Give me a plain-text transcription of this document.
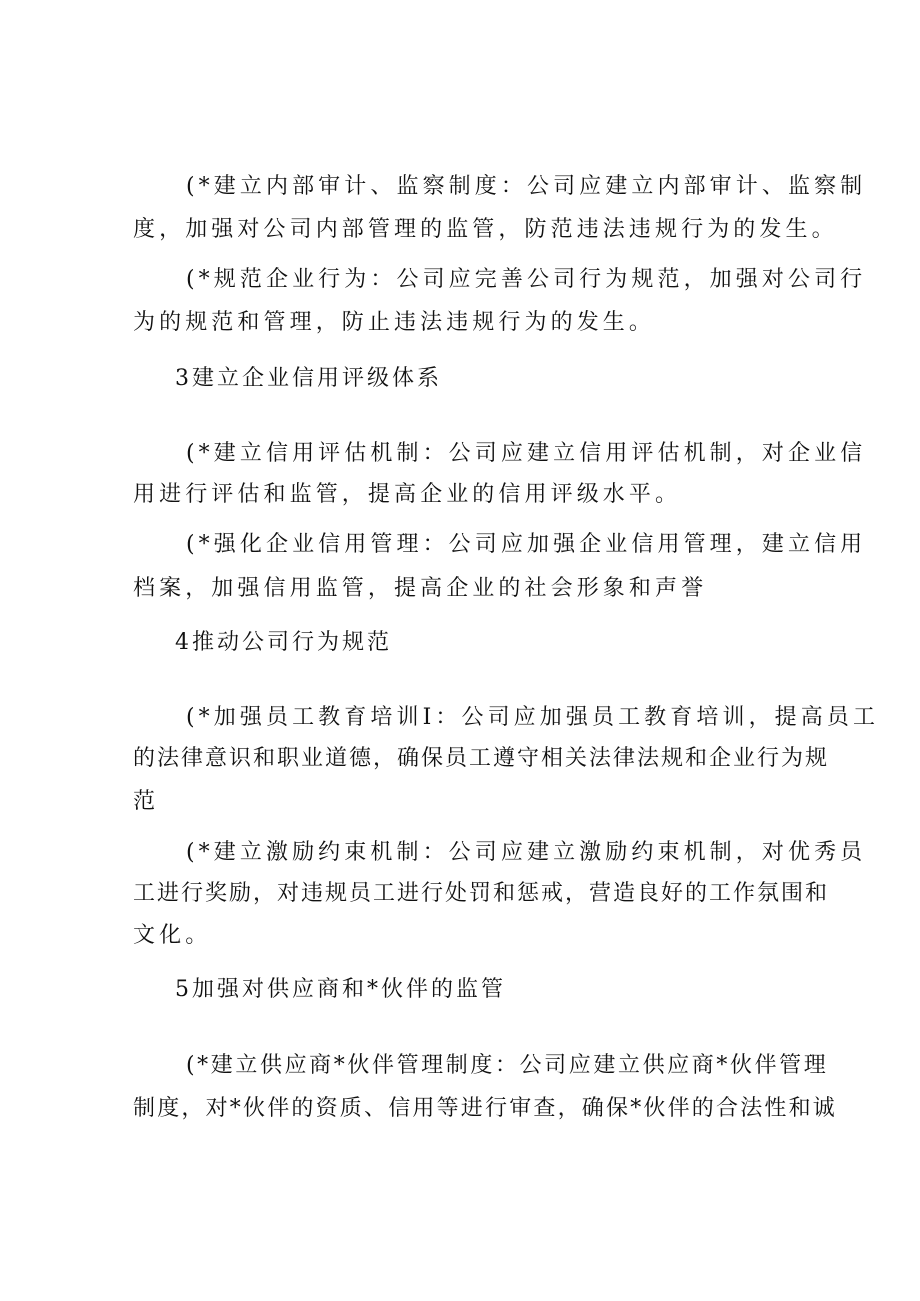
(*建立内部审计、监察制度：公司应建立内部审计、监察制
度，加强对公司内部管理的监管，防范违法违规行为的发生。
(*规范企业行为：公司应完善公司行为规范，加强对公司行
为的规范和管理，防止违法违规行为的发生。
3建立企业信用评级体系
(*建立信用评估机制：公司应建立信用评估机制，对企业信
用进行评估和监管，提高企业的信用评级水平。
(*强化企业信用管理：公司应加强企业信用管理，建立信用
档案，加强信用监管，提高企业的社会形象和声誉
4推动公司行为规范
(*加强员工教育培训I：公司应加强员工教育培训，提高员工
的法律意识和职业道德，确保员工遵守相关法律法规和企业行为规
范
(*建立激励约束机制：公司应建立激励约束机制，对优秀员
工进行奖励，对违规员工进行处罚和惩戒，营造良好的工作氛围和
文化。
5加强对供应商和*伙伴的监管
(*建立供应商*伙伴管理制度：公司应建立供应商*伙伴管理
制度，对*伙伴的资质、信用等进行审查，确保*伙伴的合法性和诚
